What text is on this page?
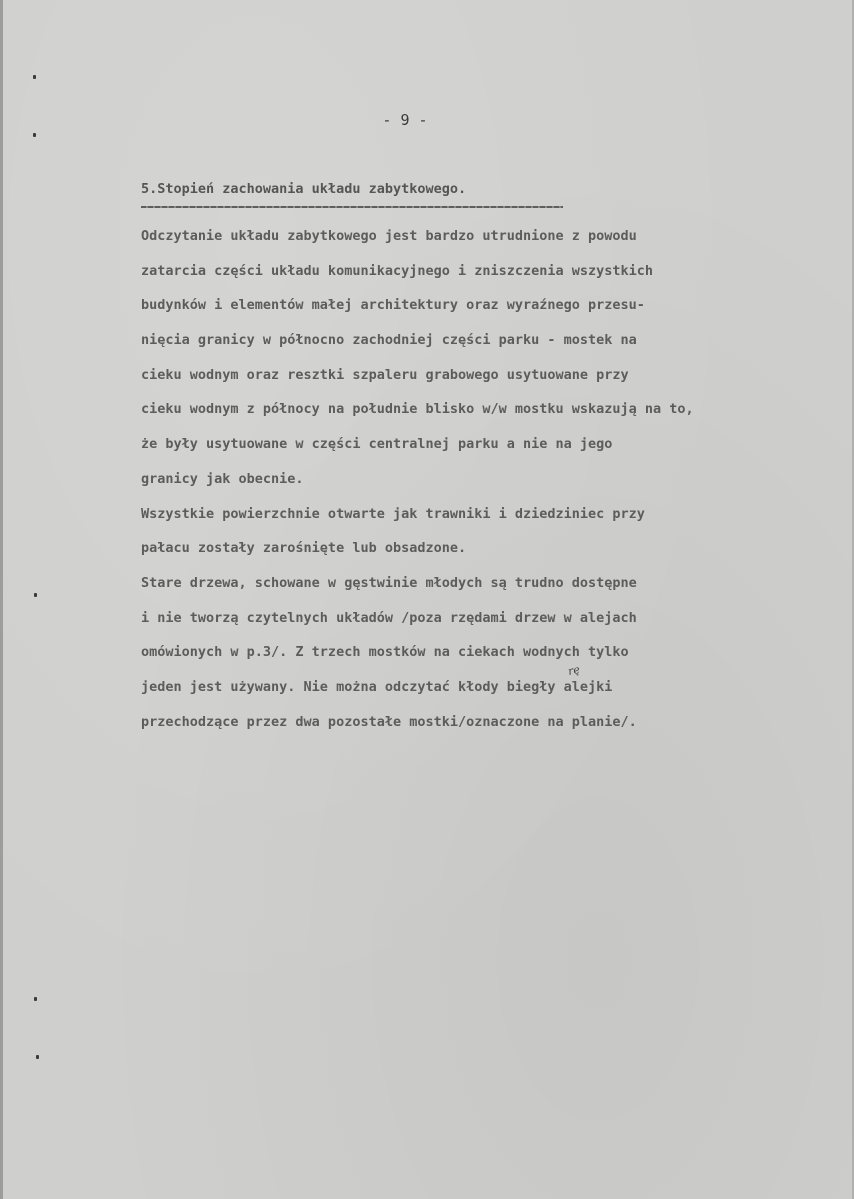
- 9 -
5.Stopień zachowania układu zabytkowego.
Odczytanie układu zabytkowego jest bardzo utrudnione z powodu
zatarcia części układu komunikacyjnego i zniszczenia wszystkich
budynków i elementów małej architektury oraz wyraźnego przesu-
nięcia granicy w północno zachodniej części parku - mostek na
cieku wodnym oraz resztki szpaleru grabowego usytuowane przy
cieku wodnym z północy na południe blisko w/w mostku wskazują na to,
że były usytuowane w części centralnej parku a nie na jego
granicy jak obecnie.
Wszystkie powierzchnie otwarte jak trawniki i dziedziniec przy
pałacu zostały zarośnięte lub obsadzone.
Stare drzewa, schowane w gęstwinie młodych są trudno dostępne
i nie tworzą czytelnych układów /poza rzędami drzew w alejach
omówionych w p.3/. Z trzech mostków na ciekach wodnych tylko
jeden jest używany. Nie można odczytać kłody biegły alejki
przechodzące przez dwa pozostałe mostki/oznaczone na planie/.
rę
